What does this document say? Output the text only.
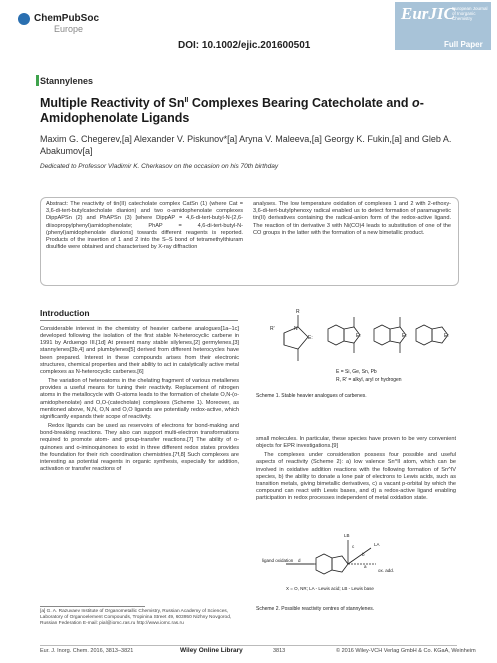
ChemPubSoc
Europe
DOI: 10.1002/ejic.201600501
EurJIC
European Journal of Inorganic Chemistry
Full Paper
Stannylenes
Multiple Reactivity of $Sn^{II}$ Complexes Bearing Catecholate and o-Amidophenolate Ligands
Maxim G. Chegerev,[a] Alexander V. Piskunov*[a] Aryna V. Maleeva,[a] Georgy K. Fukin,[a] and Gleb A. Abakumov[a]
Dedicated to Professor Vladimir K. Cherkasov on the occasion on his 70th birthday
Abstract: The reactivity of tin(II) catecholate complex CatSn (1) (where Cat = 3,6-di-tert-butylcatecholate dianion) and two o-amidophenolate complexes DippAPSn (2) and PhAPSn (3) [where DippAP = 4,6-di-tert-butyl-N-(2,6-diisopropylphenyl)amidophenolate; PhAP = 4,6-di-tert-butyl-N-(phenyl)amidophenolate dianions] towards different reagents is reported. Products of the insertion of 1 and 2 into the S–S bond of tetramethylthiuram disulfide were obtained and characterised by X-ray diffraction
analyses. The low temperature oxidation of complexes 1 and 2 with 2-ethoxy-3,6-di-tert-butylphenoxy radical enabled us to detect formation of paramagnetic tin(II) derivatives containing the radical-anion form of the redox-active ligand. The reaction of tin derivative 3 with Ni(CO)4 leads to substitution of one of the CO groups in the latter with the formation of a new bimetallic product.
Introduction

Considerable interest in the chemistry of heavier carbene analogues[1a–1c] developed following the isolation of the first stable N-heterocyclic carbene in 1991 by Arduengo III.[1d] At present many stable silylenes,[2] germylenes,[3] stannylenes[3b,4] and plumbylenes[5] derived from different heterocycles have been prepared. Interest in these compounds arises from their electronic structures, chemical properties and their ability to act in catalytically active metal complexes as N-heterocyclic carbenes.[6]

The variation of heteroatoms in the chelating fragment of various metallenes provides a useful means for tuning their reactivity. Replacement of nitrogen atoms in the metallocycle with O-atoms leads to the formation of chelate O,N-(o-amidophenolate) and O,O-(catecholate) complexes (Scheme 1). Moreover, as mentioned above, N,N, O,N and O,O ligands are potentially redox-active, which significantly expands their scope of reactivity.

Redox ligands can be used as reservoirs of electrons for bond-making and bond-breaking reactions. They also can support multi-electron transformations required to promote atom- and group-transfer reactions.[7] The ability of o-quinones and o-iminoquinones to exist in three different redox states provides the foundation for their rich coordination chemistries.[7f,8] Such complexes are interesting as potential reagents in organic synthesis, especially for addition, activation or transfer reactions of

R
R'	N
E:	E:	E:	E:
E = Si, Ge, Sn, Pb
R, R' = alkyl, aryl or hydrogen
Scheme 1. Stable heavier analogues of carbenes.

small molecules. In particular, these species have proven to be very convenient objects for EPR investigations.[9]

The complexes under consideration possess four possible and useful aspects of reactivity (Scheme 2): a) low valence Sn^II atom, which can be involved in oxidative addition reactions with the following formation of Sn^IV species, b) the ability to donate a lone pair of electrons to Lewis acids, such as transition metals, giving bimetallic derivatives, c) a vacant p-orbital by which the compound can react with Lewis bases, and d) a redox-active ligand enabling participation in redox processes independent of metal oxidation state.

LB
c
b
LA
a
ox. add.
d
ligand oxidation
X = O, NR; LA - Lewis acid; LB - Lewis base
Scheme 2. Possible reactivity centres of stannylenes.
[a] G. A. Razuvaev Institute of Organometallic Chemistry, Russian Academy of Sciences, Laboratory of Organoelement Compounds, Tropinina Street 49, 603950 Nizhny Novgorod, Russian Federation E-mail: pial@iomc.ras.ru http://www.iomc.ras.ru
Eur. J. Inorg. Chem. 2016, 3813–3821	Wiley Online Library	3813	© 2016 Wiley-VCH Verlag GmbH & Co. KGaA, Weinheim
